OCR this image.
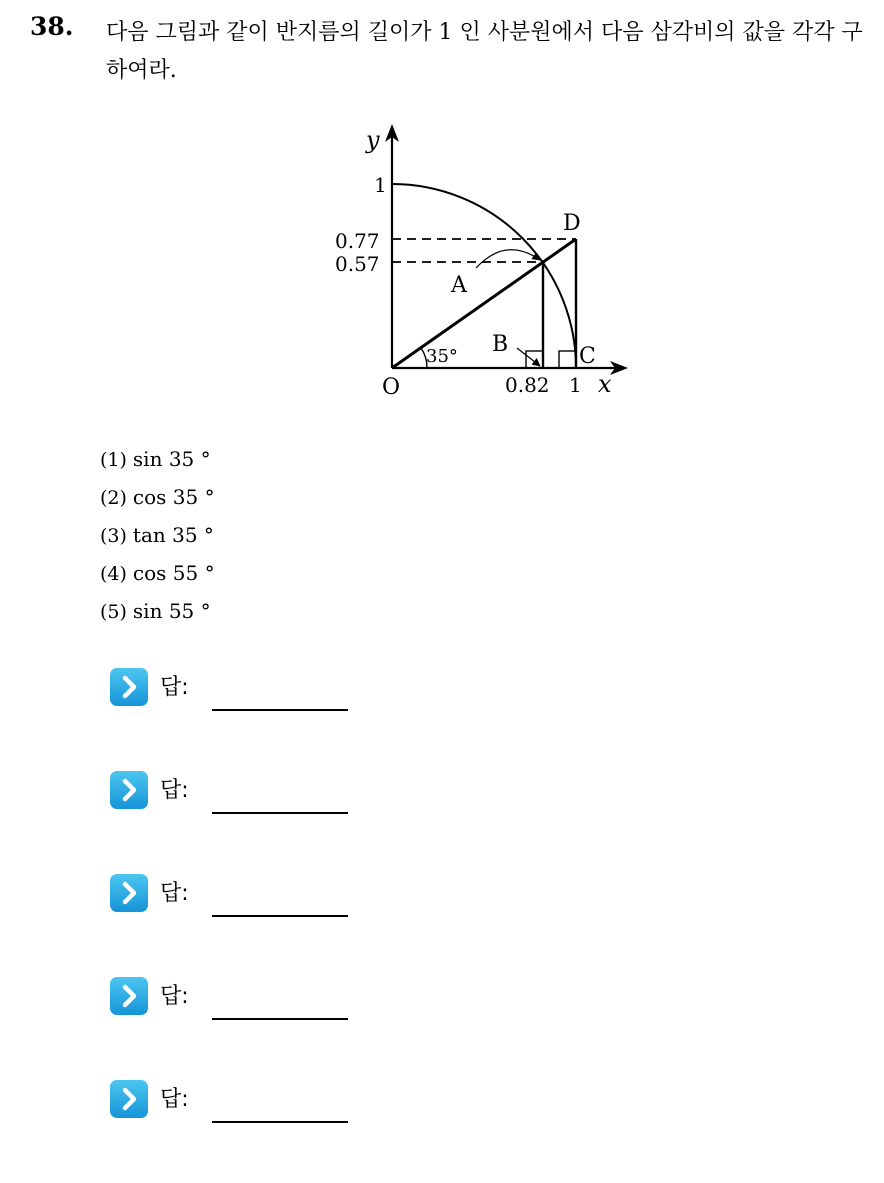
38. 다음 그림과 같이 반지름의 길이가 1 인 사분원에서 다음 삼각비의 값을 각각 구하여라.
y
1
0.77
0.57
D
A
B	C
35°
O	0.82 1 x
(1) sin 35 °
(2) cos 35 °
(3) tan 35 °
(4) cos 55 °
(5) sin 55 °
답:
답:
답:
답:
답:
